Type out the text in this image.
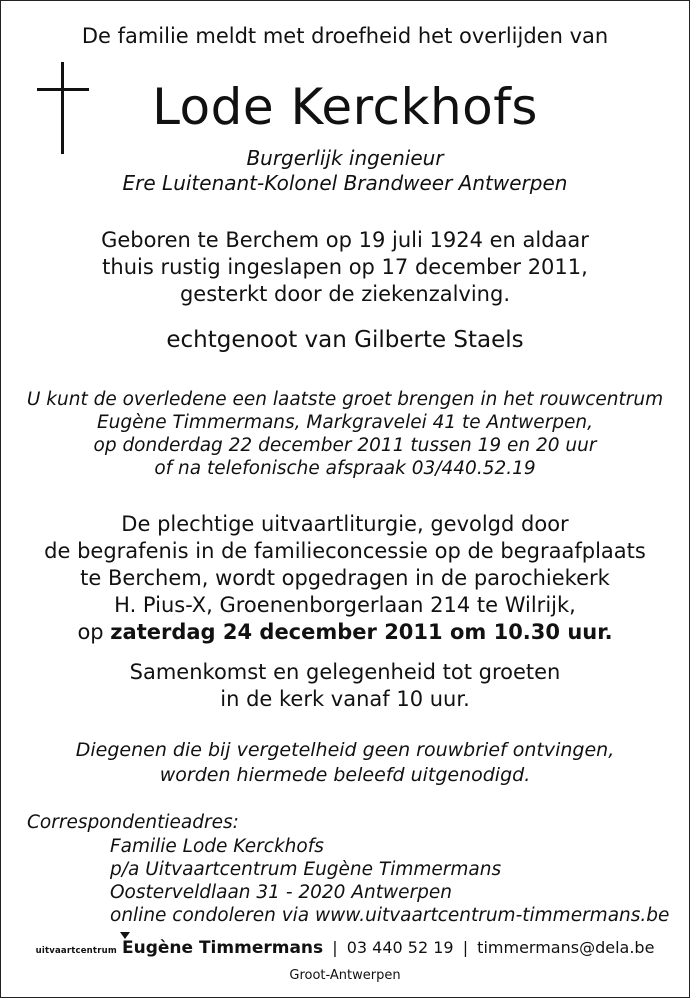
De familie meldt met droefheid het overlijden van
Lode Kerckhofs
Burgerlijk ingenieur
Ere Luitenant-Kolonel Brandweer Antwerpen
Geboren te Berchem op 19 juli 1924 en aldaar
thuis rustig ingeslapen op 17 december 2011,
gesterkt door de ziekenzalving.
echtgenoot van Gilberte Staels
U kunt de overledene een laatste groet brengen in het rouwcentrum
Eugène Timmermans, Markgravelei 41 te Antwerpen,
op donderdag 22 december 2011 tussen 19 en 20 uur
of na telefonische afspraak 03/440.52.19
De plechtige uitvaartliturgie, gevolgd door
de begrafenis in de familieconcessie op de begraafplaats
te Berchem, wordt opgedragen in de parochiekerk
H. Pius-X, Groenenborgerlaan 214 te Wilrijk,
op zaterdag 24 december 2011 om 10.30 uur.
Samenkomst en gelegenheid tot groeten
in de kerk vanaf 10 uur.
Diegenen die bij vergetelheid geen rouwbrief ontvingen,
worden hiermede beleefd uitgenodigd.
Correspondentieadres:
Familie Lode Kerckhofs
p/a Uitvaartcentrum Eugène Timmermans
Oosterveldlaan 31 - 2020 Antwerpen
online condoleren via www.uitvaartcentrum-timmermans.be
uitvaartcentrum Eugène Timmermans | 03 440 52 19 | timmermans@dela.be
Groot-Antwerpen
